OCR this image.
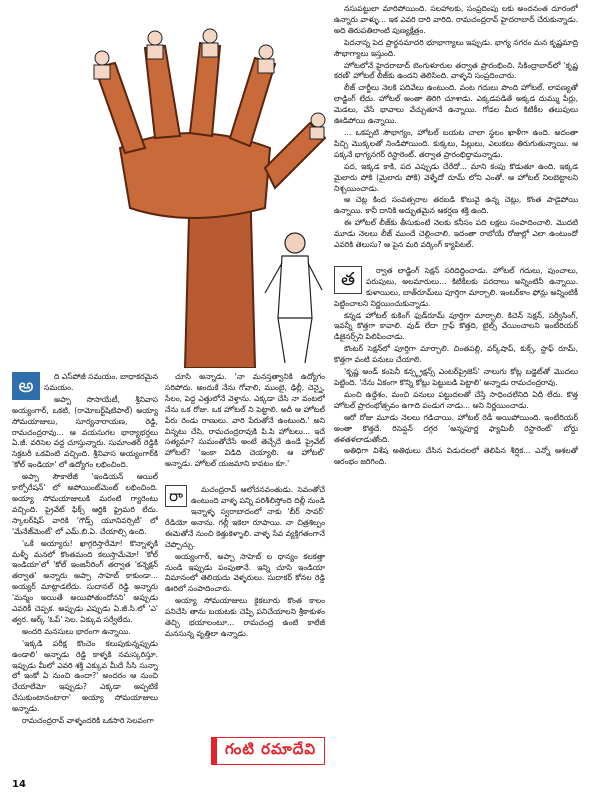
నసుపట్టులా మారిపోయింది. సలహాలకు, సంప్రదింపు లకు అందనంత దూరంలో ఉన్నారు వాళ్ళు... ఇక ఎవరి దారి వారిది. రామచంద్రరావ్ హైదరాబాద్ చేరుకున్నాడు. అది తిరుపతిలాంటి పుణ్యక్షేత్రం.

పెదనాన్న పెద ప్రార్థనమాదరి భూభాగ్యాలు ఇప్పుడు. భాగ్య నగరం మన కృష్ణమాద్రి సౌభాగ్యాలు ఇస్తుంది.

హోటలోనే హైదరాబాద్ బెంగుళూరుల తర్వాత ప్రారంభించి. సికింద్రాబాద్‌లో 'కృష్ణ కరణ్' హోటల్ లీజ్‌కు ఉందని తెలిసింది. వాళ్ళని సంప్రదించారు.

లీజ్ చార్జీలు నెలకి పదివేలు ఉంటుంది. వంట గదులు పొంది హోటల్. లావణ్యతో లాడ్జింగ్ లేదు. హోటల్ అంతా తిరిగి చూశాడు. ఎక్కడపడితే అక్కడ దుమ్ము పేర్లు, మెడలు, వేసే భావాలు వేచ్చుతూనే ఉన్నాయి. గోడల మీద కిటికీల తలుపులు ఊడిపోయి ఉన్నాయి.

... ఒకప్పటి సౌభాగ్యం, హోటల్ బయట చాలా స్థలం ఖాళీగా ఉంది. అదంతా పిచ్చి మొక్కలతో నిండిపోయింది. కుక్కలు, పిల్లులు, ఎలుకలు తిరుగుతున్నాయి. ఆ పక్కనే భాగ్యనగర్ రెస్టారెంట్. తర్వాత ప్రారంభిద్దామన్నాడు.

పద, ఇక్కడ కాకి, పద ఎప్పుడు చేరేదో... మాని కంపు కొడుతూ ఉంది. ఇక్కడ మైలారు పోకి (మైలారు పోకి) వెళ్ళేదో రూమ్ లోని ఎంతో. ఆ హోటల్ నిలబెట్టాలని నిశ్చయించాడు.

ఆ చెట్ల కింద సంవత్సరాల తరబడి కొలువై ఉన్న చెట్లు, కొంత పాడైపోయి ఉన్నాయి. కానీ దానికి అద్భుతమైన ఆకర్షణ శక్తి ఉంది.

ఈ హోటల్ లీజ్‌కు తీసుకుంటే నెలకు కనీసం పది లక్షలు సంపాదించాలి. మొదటి మూడు నెలలు లీజ్ ముందే చెల్లించాలి. ఇదంతా రాబోయే రోజుల్లో ఎలా ఉంటుందో ఎవరికి తెలుసు? ఆ పైన మరి వర్కింగ్ క్యాపిటల్.

త	ర్వాత లాడ్జింగ్ సెక్షన్ సరిదిద్దించాడు. హోటల్ గదులు, పుంచాలు, పరుపులు, అలమారులు... కిటికీలకు పరదాలు అన్నింటినీ ఉన్నాయి. కుళాయిలు, బాత్‌రూమ్‌లు పూర్తిగా మార్చాలి. ఇంటర్‌కాం ఫోన్లు అన్నింటికీ పెట్టించాలని నిర్ణయించుకున్నాడు.

కన్నడ హోటల్ కుకింగ్ ఫుడ్‌రూమ్ పూర్తిగా మార్చాలి. కిచెన్ సెక్షన్, సర్వీసింగ్, ఇవన్నీ కొత్తగా కావాలి. వుడ్ లేదా గ్రాఫ్ కొత్తది, టైల్స్ వేయించాలని ఇంటీరియర్ డిజైనర్స్‌ని పిలిపించాడు.

కౌంటర్ సెక్షన్‌లో పూర్తిగా మార్చాలి. చింతపల్లి, వర్క్‌షాప్, కుక్స్, స్టాఫ్ రూమ్, కొత్తగా వంటి పనులు చేయాలి.

'కృష్ణ అండ్ కంపెనీ కన్స్ట్రక్షన్స్ ఎంటర్‌ప్రైజెస్' నాలుగు కోట్ల బడ్జెట్‌తో మొదలు పెట్టింది. 'నేను ఏకంగా కొన్ని కోట్లు పెట్టుబడి పెట్టాలి' అన్నాడు రామచంద్రరావు.

మంచి ఉద్దేశం, మంచి పనులు పట్టుదలతో చేస్తే సాధించలేనిది ఏదీ లేదు. కొత్త హోటల్ ప్రారంభోత్సవం ఉగాది పండుగ నాడు... అని నిర్ణయించాడు.

ఆరో రోజు మూడు నెలలు గడిచాయి. హోటల్ రెడీ అయిపోయింది. ఇంటీరియర్ అంతా కొత్తదే. రిసెప్షన్ దగ్గర 'అన్నపూర్ణ ఫ్యామిలీ రెస్టారెంట్' బోర్డు తళతళలాడుతోంది.

అతిధిగా విశేష అతిథులు చేసిన విడుదలలో తెలిపిన శీర్షిక... ఎన్నో ఆశలతో ఆరంభం జరిగింది.

అ	ది ఎస్‌పోజీ సమయం. బాధాకరమైన సమయం.

అప్పా సొసాయేటీ, శ్రీనివాస అయ్యంగార్, ఒకటి, (రామోబర్ట్‌షిటిపాల్) అయ్యా సోమయాజులు, సూర్యనారాయణ, రెడ్డి, రామచంద్రరావు... ఆ వయసుగల భార్యాభర్తలు ఏ.జీ. వరిసెల వద్ద చూస్తున్నారు. సుమాంతర్ రెడ్డికి సెక్రటరీ ఒకవింటి వచ్చింది. శ్రీనివాస అయ్యంగార్‌కి 'కోల్ ఇండియా' లో ఉద్యోగం లభించింది.

అప్పా సౌకాలేజీ 'ఇండియన్ ఆయిల్ కార్పోరేషన్' లో అపోయింట్‌మెంట్ లభించింది. అయ్యా సోమయాజులుకి మరంటి గ్యారెంటు వచ్చింది. ప్రైవేట్ ఫిక్స్ ఆర్డికి ఫ్రైమరి లేదు. స్కాలర్‌షిప్ వారికి 'గౌడ్స్ యూనివర్సిటీ' లో 'మేనేజ్‌మెంట్' లో ఎమ్.బి.ఏ. చేయాల్సి ఉంది.

'ఒకే అయ్యారు! ఖాగ్గరిస్తారేమో! కొన్నాళ్ళకి మళ్ళీ మనలో కొంతమంది కలుస్తామేమో! 'కోల్ ఇండియా'లో 'కోల్ ఇంజనీరింగ్ తర్వాత 'కన్నెక్షన్ తర్వాత' అన్నారు అప్పా సాహెబ్ కాకుండా... అయ్యర్ మాట్లాడలేదు. సుదానల్ రెడ్డి అన్నారు 'మన్మం అయితే అయిపోతుందోనని' అప్పుడు ఎవరికీ చెప్పక. అప్పుడు ఎప్పుడు ఏ.జీ.సి.లో 'ఎ' త్వర. ఆర్క్ 'ఓప్' సెల. ఏక్కువ సర్వేలేదు.

అందరి మనసులు భారంగా ఉన్నాయి.

'ఇక్కడి పరీక్ష కొంచెం కలుపుకున్నప్పుడు ఉండాలి' అన్నాడు రెడ్డి కాళ్ళకి నమస్కరిస్తూ. ఇప్పుడు మీలో ఎవరి శక్తి ఎక్కువ మీదే సీసి సున్నా లో ఇంకో ఏ నుంచి ఉందా?' అందరం ఆ నుంచి చేయాలేమో ఇప్పుడు? ఎక్కడా అప్పటికే చేసుకుంటానంటారా' అయ్యా సోమయాజులు అన్నాడు.

రామచంద్రరావ్ వాళ్ళందరికి ఒకసారి సెలవంగా

చూసి అన్నాడు. 'నా మనస్తత్వానికి ఉద్యోగం సరిపోదు. అందుకే నేను గోవాలి, ముంబై, ఢిల్లీ, చెన్నై, సేలం, పెద్ద ఎత్తులోనే వెళ్తాను. ఎక్కడా చేసి నా వంటలో నేను ఒక రోజు. ఒక హోటల్ ని పెట్టాలి. అదీ ఆ హోటల్ పేరు రెండు రాణులు. వారి పేరుతోనే ఉంటుంది.' అని విన్నటు చేసి, రామచంద్రరావుకి పి.పి హోటలు... ఇదే సత్యమా? సుమంతోచేసే అంటే తెచ్చేదే ఉండే ప్రైవేట్ హోటల్? 'ఇంకా విడిది చెయ్యాలి. ఆ హోటల్' అన్నాడు. హోటల్ యజమాని కావటం కూ.'

రా	మచంద్రరావ్ ఆలోచనవంతుడు. సెవంతోచే ఉంటుంది వాళ్ళ పన్ని పరిశీలిస్తోంది దిల్లీ నుండి ఇన్నాళ్ళ స్వరాబాదంలో నాకు 'బీర్ సావర్' రేడియో అనాను. గల్లీ ఇకెలా రూపాయి. నా చిత్రశిల్పం ఈమెతోనే నుంచి కెత్తుకెళ్ళాలి. వాళ్ళ సేవ వ్యక్తిగతంగానే చెప్పొచ్చు.

అయ్యంగార్, అప్పా సాహెబ్ ల ధాన్యం కలకత్తా నుండి ఇప్పుడు పంపుతానే. ఇన్ని చూసి ఇండియా విమానంలో తెలియదు వెళ్ళరులు. సుదాకర్ కోనల రెడ్డి ఊరిలో సంపాదించారు.

అయ్యా సోమయాజులు కైకలూరు కొంత కాలం పనిచేసి తాను బయటకు చెప్పి పనిచేయాలని శ్రీకాకుళం తెచ్చి భయాలంటూ... రామచంద్ర ఉంటి కాలేజీ మనసున్న వృత్తిలా ఉన్నాడు.

గంటి రమాదేవి
14
